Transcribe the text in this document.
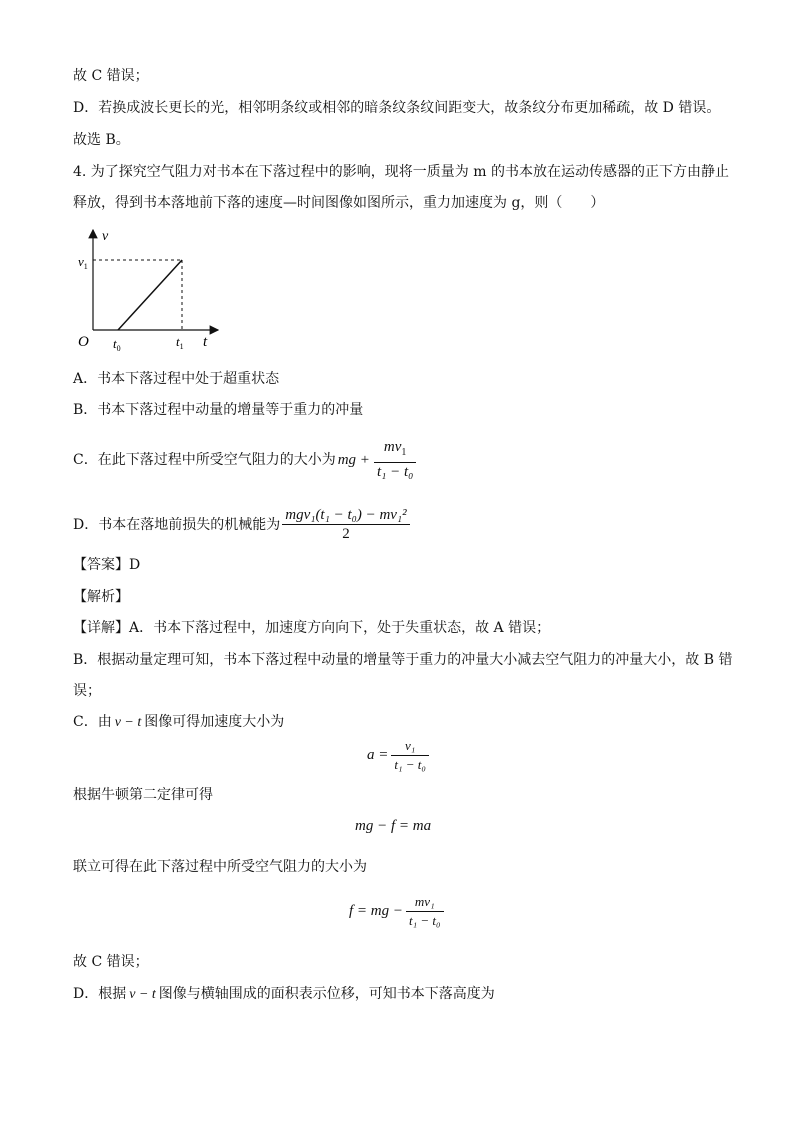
故 C 错误；
D．若换成波长更长的光，相邻明条纹或相邻的暗条纹条纹间距变大，故条纹分布更加稀疏，故 D 错误。
故选 B。
4. 为了探究空气阻力对书本在下落过程中的影响，现将一质量为 m 的书本放在运动传感器的正下方由静止
释放，得到书本落地前下落的速度—时间图像如图所示，重力加速度为 g，则（　　）
v
$v_1$
O $t_0$	$t_1$ t
A．书本下落过程中处于超重状态
B．书本下落过程中动量的增量等于重力的冲量
C．在此下落过程中所受空气阻力的大小为 mg + $\frac{mv_1}{\text{t₁ − t₀}}$
D．书本在落地前损失的机械能为 $\frac{\text{mgv₁(t₁ − t₀) − mv₁²}}{2}$
【答案】D
【解析】
【详解】A．书本下落过程中，加速度方向向下，处于失重状态，故 A 错误；
B．根据动量定理可知，书本下落过程中动量的增量等于重力的冲量大小减去空气阻力的冲量大小，故 B 错
误；
C．由 v − t 图像可得加速度大小为
$a = \frac{\text{v₁}}{\text{t₁ − t₀}}$
根据牛顿第二定律可得
mg − f = ma
联立可得在此下落过程中所受空气阻力的大小为
f = mg − $\frac{\text{mv₁}}{\text{t₁ − t₀}}$
故 C 错误；
D．根据 v − t 图像与横轴围成的面积表示位移，可知书本下落高度为
